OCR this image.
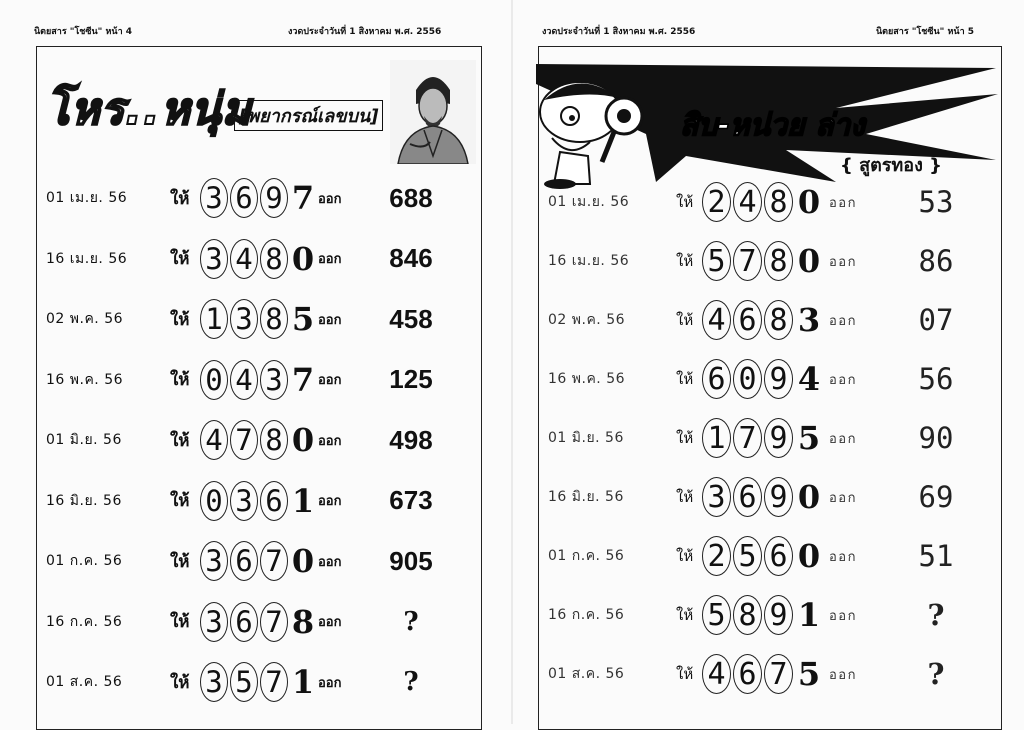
นิตยสาร "โชซีน" หน้า 4	งวดประจำวันที่ 1 สิงหาคม พ.ศ. 2556
โหร..หนุ่ม
[พยากรณ์เลขบน]
01 เม.ย. 56	ให้ 3 6 9 7 ออก	688
16 เม.ย. 56	ให้ 3 4 8 0 ออก	846
02 พ.ค. 56	ให้ 1 3 8 5 ออก	458
16 พ.ค. 56	ให้ 0 4 3 7 ออก	125
01 มิ.ย. 56	ให้ 4 7 8 0 ออก	498
16 มิ.ย. 56	ให้ 0 3 6 1 ออก	673
01 ก.ค. 56	ให้ 3 6 7 0 ออก	905
16 ก.ค. 56	ให้ 3 6 7 8 ออก	?
01 ส.ค. 56	ให้ 3 5 7 1 ออก	?
งวดประจำวันที่ 1 สิงหาคม พ.ศ. 2556	นิตยสาร "โชซีน" หน้า 5
สิบ-หน่วย ล่าง
{ สูตรทอง }
01 เม.ย. 56	ให้ 2 4 8 0 ออก	53
16 เม.ย. 56	ให้ 5 7 8 0 ออก	86
02 พ.ค. 56	ให้ 4 6 8 3 ออก	07
16 พ.ค. 56	ให้ 6 0 9 4 ออก	56
01 มิ.ย. 56	ให้ 1 7 9 5 ออก	90
16 มิ.ย. 56	ให้ 3 6 9 0 ออก	69
01 ก.ค. 56	ให้ 2 5 6 0 ออก	51
16 ก.ค. 56	ให้ 5 8 9 1 ออก	?
01 ส.ค. 56	ให้ 4 6 7 5 ออก	?
